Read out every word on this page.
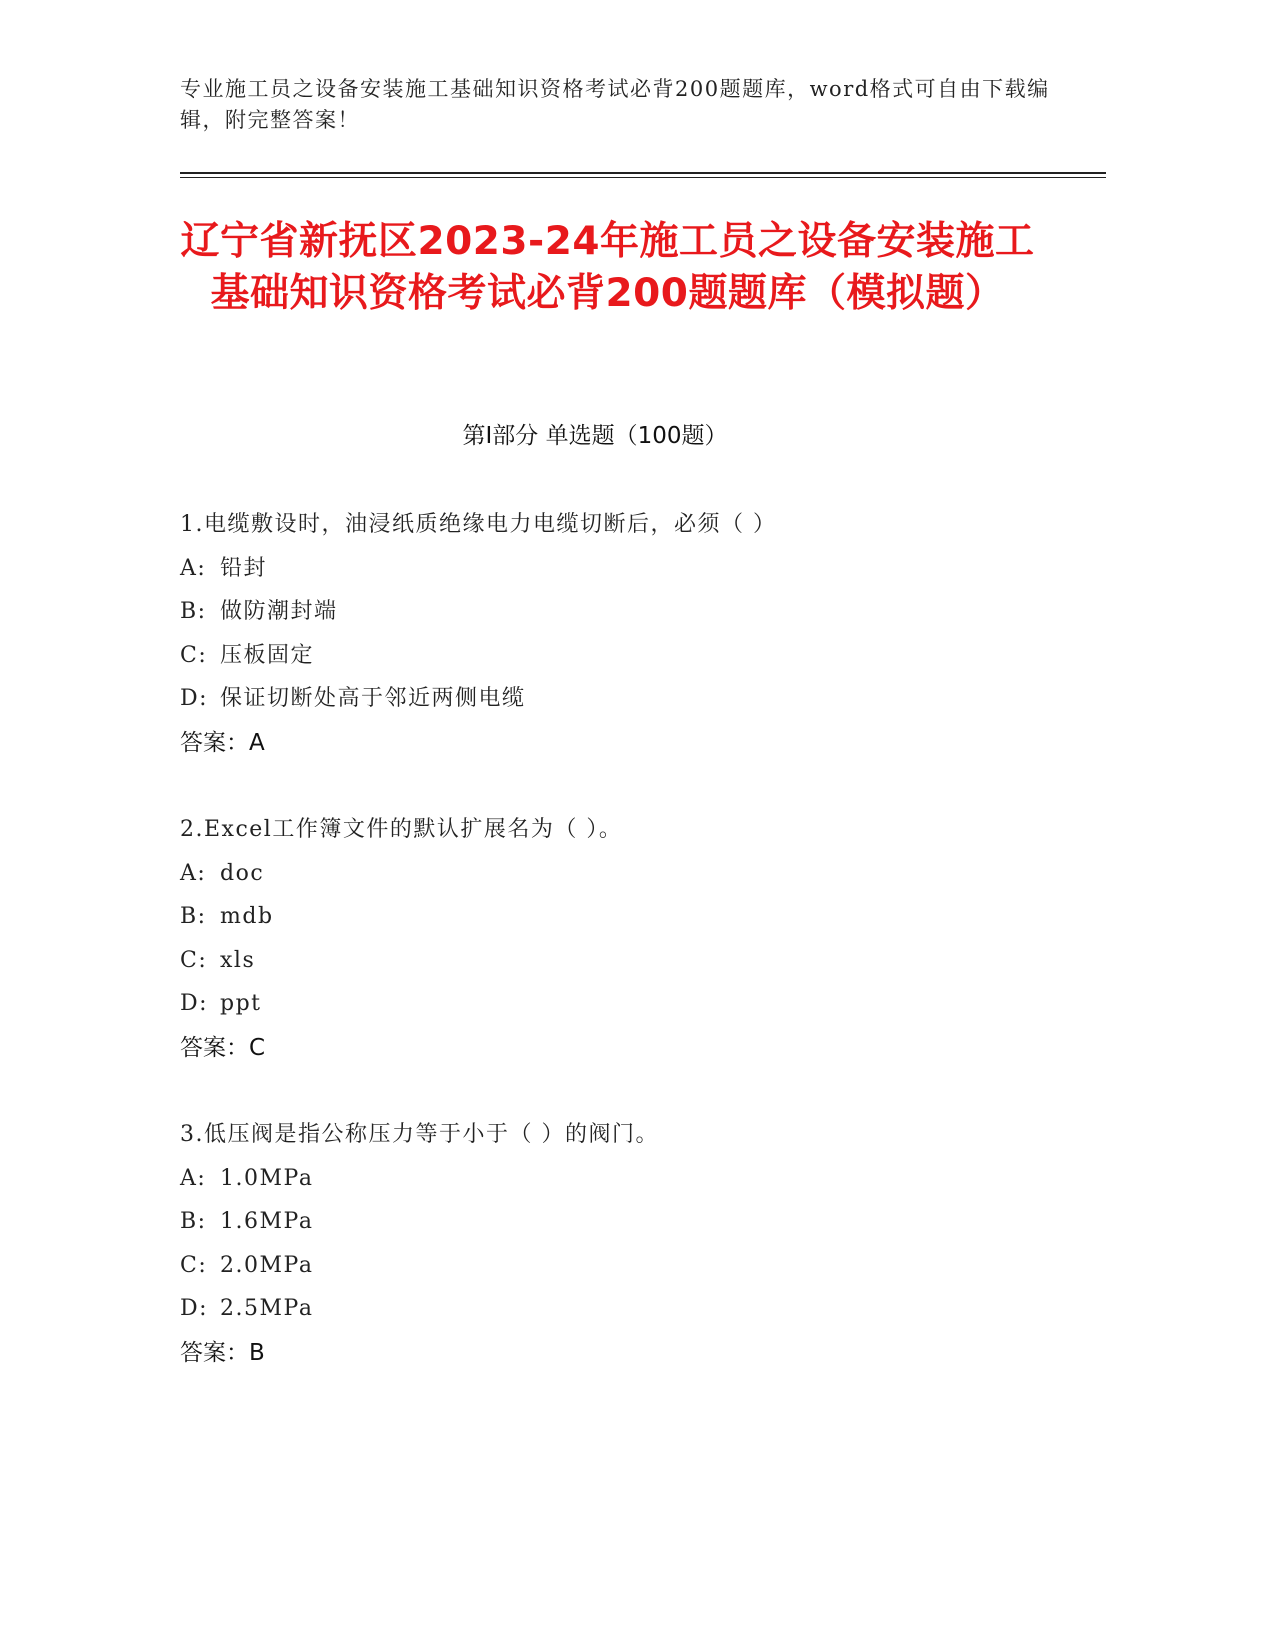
专业施工员之设备安装施工基础知识资格考试必背200题题库，word格式可自由下载编辑，附完整答案！
辽宁省新抚区2023-24年施工员之设备安装施工基础知识资格考试必背200题题库（模拟题）
第Ⅰ部分 单选题（100题）
1.电缆敷设时，油浸纸质绝缘电力电缆切断后，必须（ ）
A: 铅封
B: 做防潮封端
C: 压板固定
D: 保证切断处高于邻近两侧电缆
答案：A
2.Excel工作簿文件的默认扩展名为（ ）。
A: doc
B: mdb
C: xls
D: ppt
答案：C
3.低压阀是指公称压力等于小于（ ）的阀门。
A: 1.0MPa
B: 1.6MPa
C: 2.0MPa
D: 2.5MPa
答案：B
